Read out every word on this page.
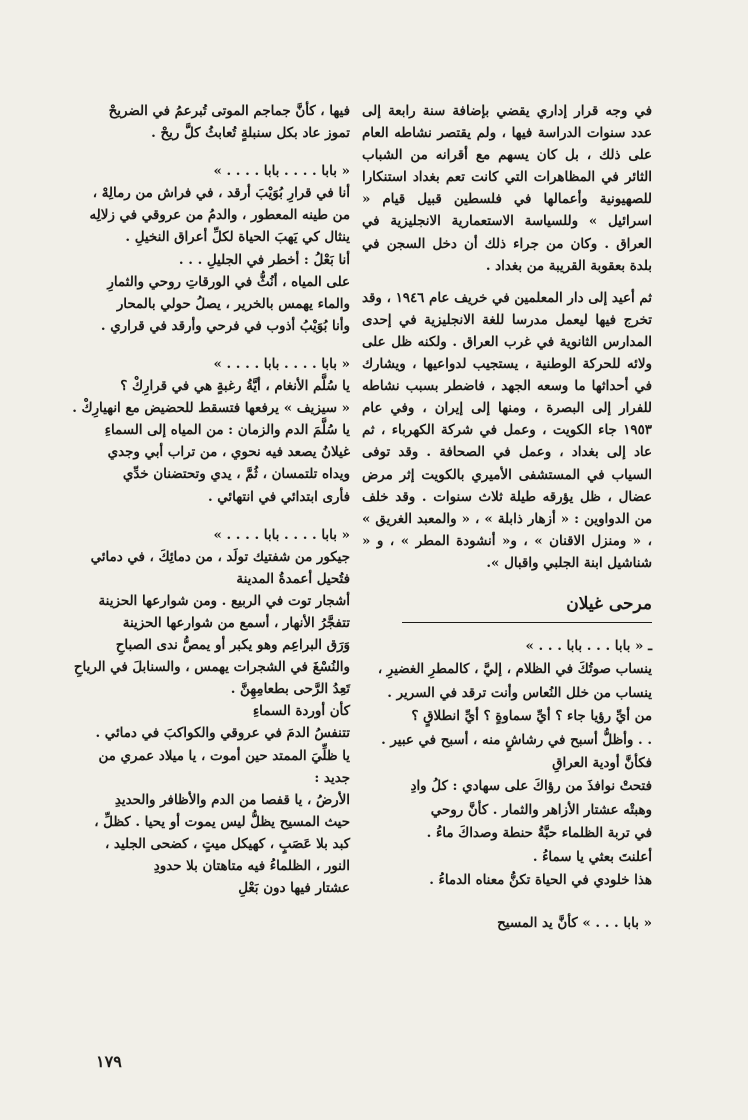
في وجه قرار إداري يقضي بإضافة سنة رابعة إلى عدد سنوات الدراسة فيها ، ولم يقتصر نشاطه العام على ذلك ، بل كان يسهم مع أقرانه من الشباب الثائر في المظاهرات التي كانت تعم بغداد استنكارا للصهيونية وأعمالها في فلسطين قبيل قيام « اسرائيل » وللسياسة الاستعمارية الانجليزية في العراق . وكان من جراء ذلك أن دخل السجن في بلدة بعقوبة القريبة من بغداد .

ثم أعيد إلى دار المعلمين في خريف عام ١٩٤٦ ، وقد تخرج فيها ليعمل مدرسا للغة الانجليزية في إحدى المدارس الثانوية في غرب العراق . ولكنه ظل على ولائه للحركة الوطنية ، يستجيب لدواعيها ، ويشارك في أحداثها ما وسعه الجهد ، فاضطر بسبب نشاطه للفرار إلى البصرة ، ومنها إلى إيران ، وفي عام ١٩٥٣ جاء الكويت ، وعمل في شركة الكهرباء ، ثم عاد إلى بغداد ، وعمل في الصحافة . وقد توفى السياب في المستشفى الأميري بالكويت إثر مرض عضال ، ظل يؤرقه طيلة ثلاث سنوات . وقد خلف من الدواوين : « أزهار ذابلة » ، « والمعبد الغريق » ، « ومنزل الاقنان » ، و« أنشودة المطر » ، و « شناشيل ابنة الجلبي واقبال ».

مرحى غيلان
ـ « بابا . . . بابا . . . »
ينساب صوتُكَ في الظلام ، إليَّ ، كالمطرِ الغضيرِ ،
ينساب من خلل النُعاس وأنت ترقد في السرير .
من أيِّ رؤيا جاء ؟ أيِّ سماوةٍ ؟ أيِّ انطلاقٍ ؟
. . وأظلُّ أسبح في رشاشٍ منه ، أسبح في عبير .
فكأنَّ أودية العراقِ
فتحتْ نوافذَ من رؤاكَ على سهادي : كلُ وادِ
وهبتْه عشتار الأزاهر والثمار . كأنَّ روحي
في تربة الظلماء حبَّةُ حنطة وصداكَ ماءُ .
أعلنتَ بعثي يا سماءُ .
هذا خلودي في الحياة تكنُّ معناه الدماءُ .
« بابا . . . » كأنَّ يد المسيح
فيها ، كأنَّ جماجم الموتى تُبرعمُ في الضريحْ
تموز عاد بكل سنبلةٍ تُعابثُ كلَّ ريحْ .
« بابا . . . . بابا . . . . »
أنا في قرارِ بُوَيْبَ أرقد ، في فراش من رمالِهْ ،
من طينه المعطور ، والدمُ من عروقي في زلالِه
ينثال كي يَهبَ الحياة لكلِّ أعراق النخيلِ .
أنا بَعْلُ : أخطر في الجليلِ . . .
على المياه ، أنُثُّ في الورقاتِ روحي والثمارِ
والماء يهمس بالخرير ، يصلُ حولي بالمحار
وأنا بُوَيْبُ أذوب في فرحي وأرقد في قراري .
« بابا . . . . بابا . . . . »
يا سُلَّم الأنغام ، أيَّةُ رغبةٍ هي في قرارِكْ ؟
« سيزيف » يرفعها فتسقط للحضيض مع انهيارِكْ .
يا سُلَّمَ الدم والزمان : من المياه إلى السماءِ
غيلانُ يصعد فيه نحوي ، من تراب أبي وجدي
ويداه تلتمسان ، ثُمَّ ، يدي وتحتضنان خدِّي
فأرى ابتدائي في انتهائي .
« بابا . . . . بابا . . . . »
جيكور من شفتيك تولَد ، من دمائِكَ ، في دمائي
فتُحيل أعمدةُ المدينة
أشجار توت في الربيع . ومن شوارعها الحزينة
تتفجَّرُ الأنهار ، أسمع من شوارعها الحزينة
وَرَق البراعِم وهو يكبر أو يمصُّ ندى الصباحِ
والنُسْغَ في الشجرات يهمس ، والسنابلَ في الرياحِ
تَعِدُ الرَّحى بطعامِهِنَّ .
كأن أوردة السماءِ
تتنفسُ الدمَ في عروقي والكواكبَ في دمائي .
يا ظلِّيَ الممتد حين أموت ، يا ميلاد عمري من
جديد :
الأرضُ ، يا قفصا من الدم والأظافر والحديدِ
حيث المسيح يظلُّ ليس يموت أو يحيا . كظلِّ ،
كبد بلا عَصَبٍ ، كهيكل ميتٍ ، كضحى الجليد ،
النور ، الظلماءُ فيه متاهتان بلا حدودِ
عشتار فيها دون بَعْلِ
١٧٩
